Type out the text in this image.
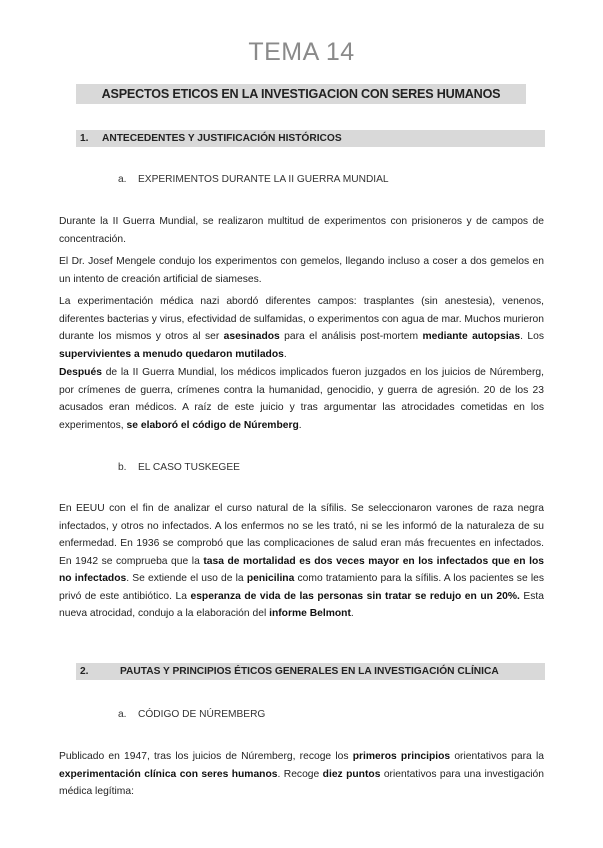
TEMA 14
ASPECTOS ETICOS EN LA INVESTIGACION CON SERES HUMANOS
1. ANTECEDENTES Y JUSTIFICACIÓN HISTÓRICOS
a. EXPERIMENTOS DURANTE LA II GUERRA MUNDIAL

Durante la II Guerra Mundial, se realizaron multitud de experimentos con prisioneros y de campos de concentración.

El Dr. Josef Mengele condujo los experimentos con gemelos, llegando incluso a coser a dos gemelos en un intento de creación artificial de siameses.

La experimentación médica nazi abordó diferentes campos: trasplantes (sin anestesia), venenos, diferentes bacterias y virus, efectividad de sulfamidas, o experimentos con agua de mar. Muchos murieron durante los mismos y otros al ser asesinados para el análisis post-mortem mediante autopsias. Los supervivientes a menudo quedaron mutilados.

Después de la II Guerra Mundial, los médicos implicados fueron juzgados en los juicios de Núremberg, por crímenes de guerra, crímenes contra la humanidad, genocidio, y guerra de agresión. 20 de los 23 acusados eran médicos. A raíz de este juicio y tras argumentar las atrocidades cometidas en los experimentos, se elaboró el código de Núremberg.

b. EL CASO TUSKEGEE

En EEUU con el fin de analizar el curso natural de la sífilis. Se seleccionaron varones de raza negra infectados, y otros no infectados. A los enfermos no se les trató, ni se les informó de la naturaleza de su enfermedad. En 1936 se comprobó que las complicaciones de salud eran más frecuentes en infectados. En 1942 se comprueba que la tasa de mortalidad es dos veces mayor en los infectados que en los no infectados. Se extiende el uso de la penicilina como tratamiento para la sífilis. A los pacientes se les privó de este antibiótico. La esperanza de vida de las personas sin tratar se redujo en un 20%. Esta nueva atrocidad, condujo a la elaboración del informe Belmont.

2.	PAUTAS Y PRINCIPIOS ÉTICOS GENERALES EN LA INVESTIGACIÓN CLÍNICA
a. CÓDIGO DE NÚREMBERG

Publicado en 1947, tras los juicios de Núremberg, recoge los primeros principios orientativos para la experimentación clínica con seres humanos. Recoge diez puntos orientativos para una investigación médica legítima:
